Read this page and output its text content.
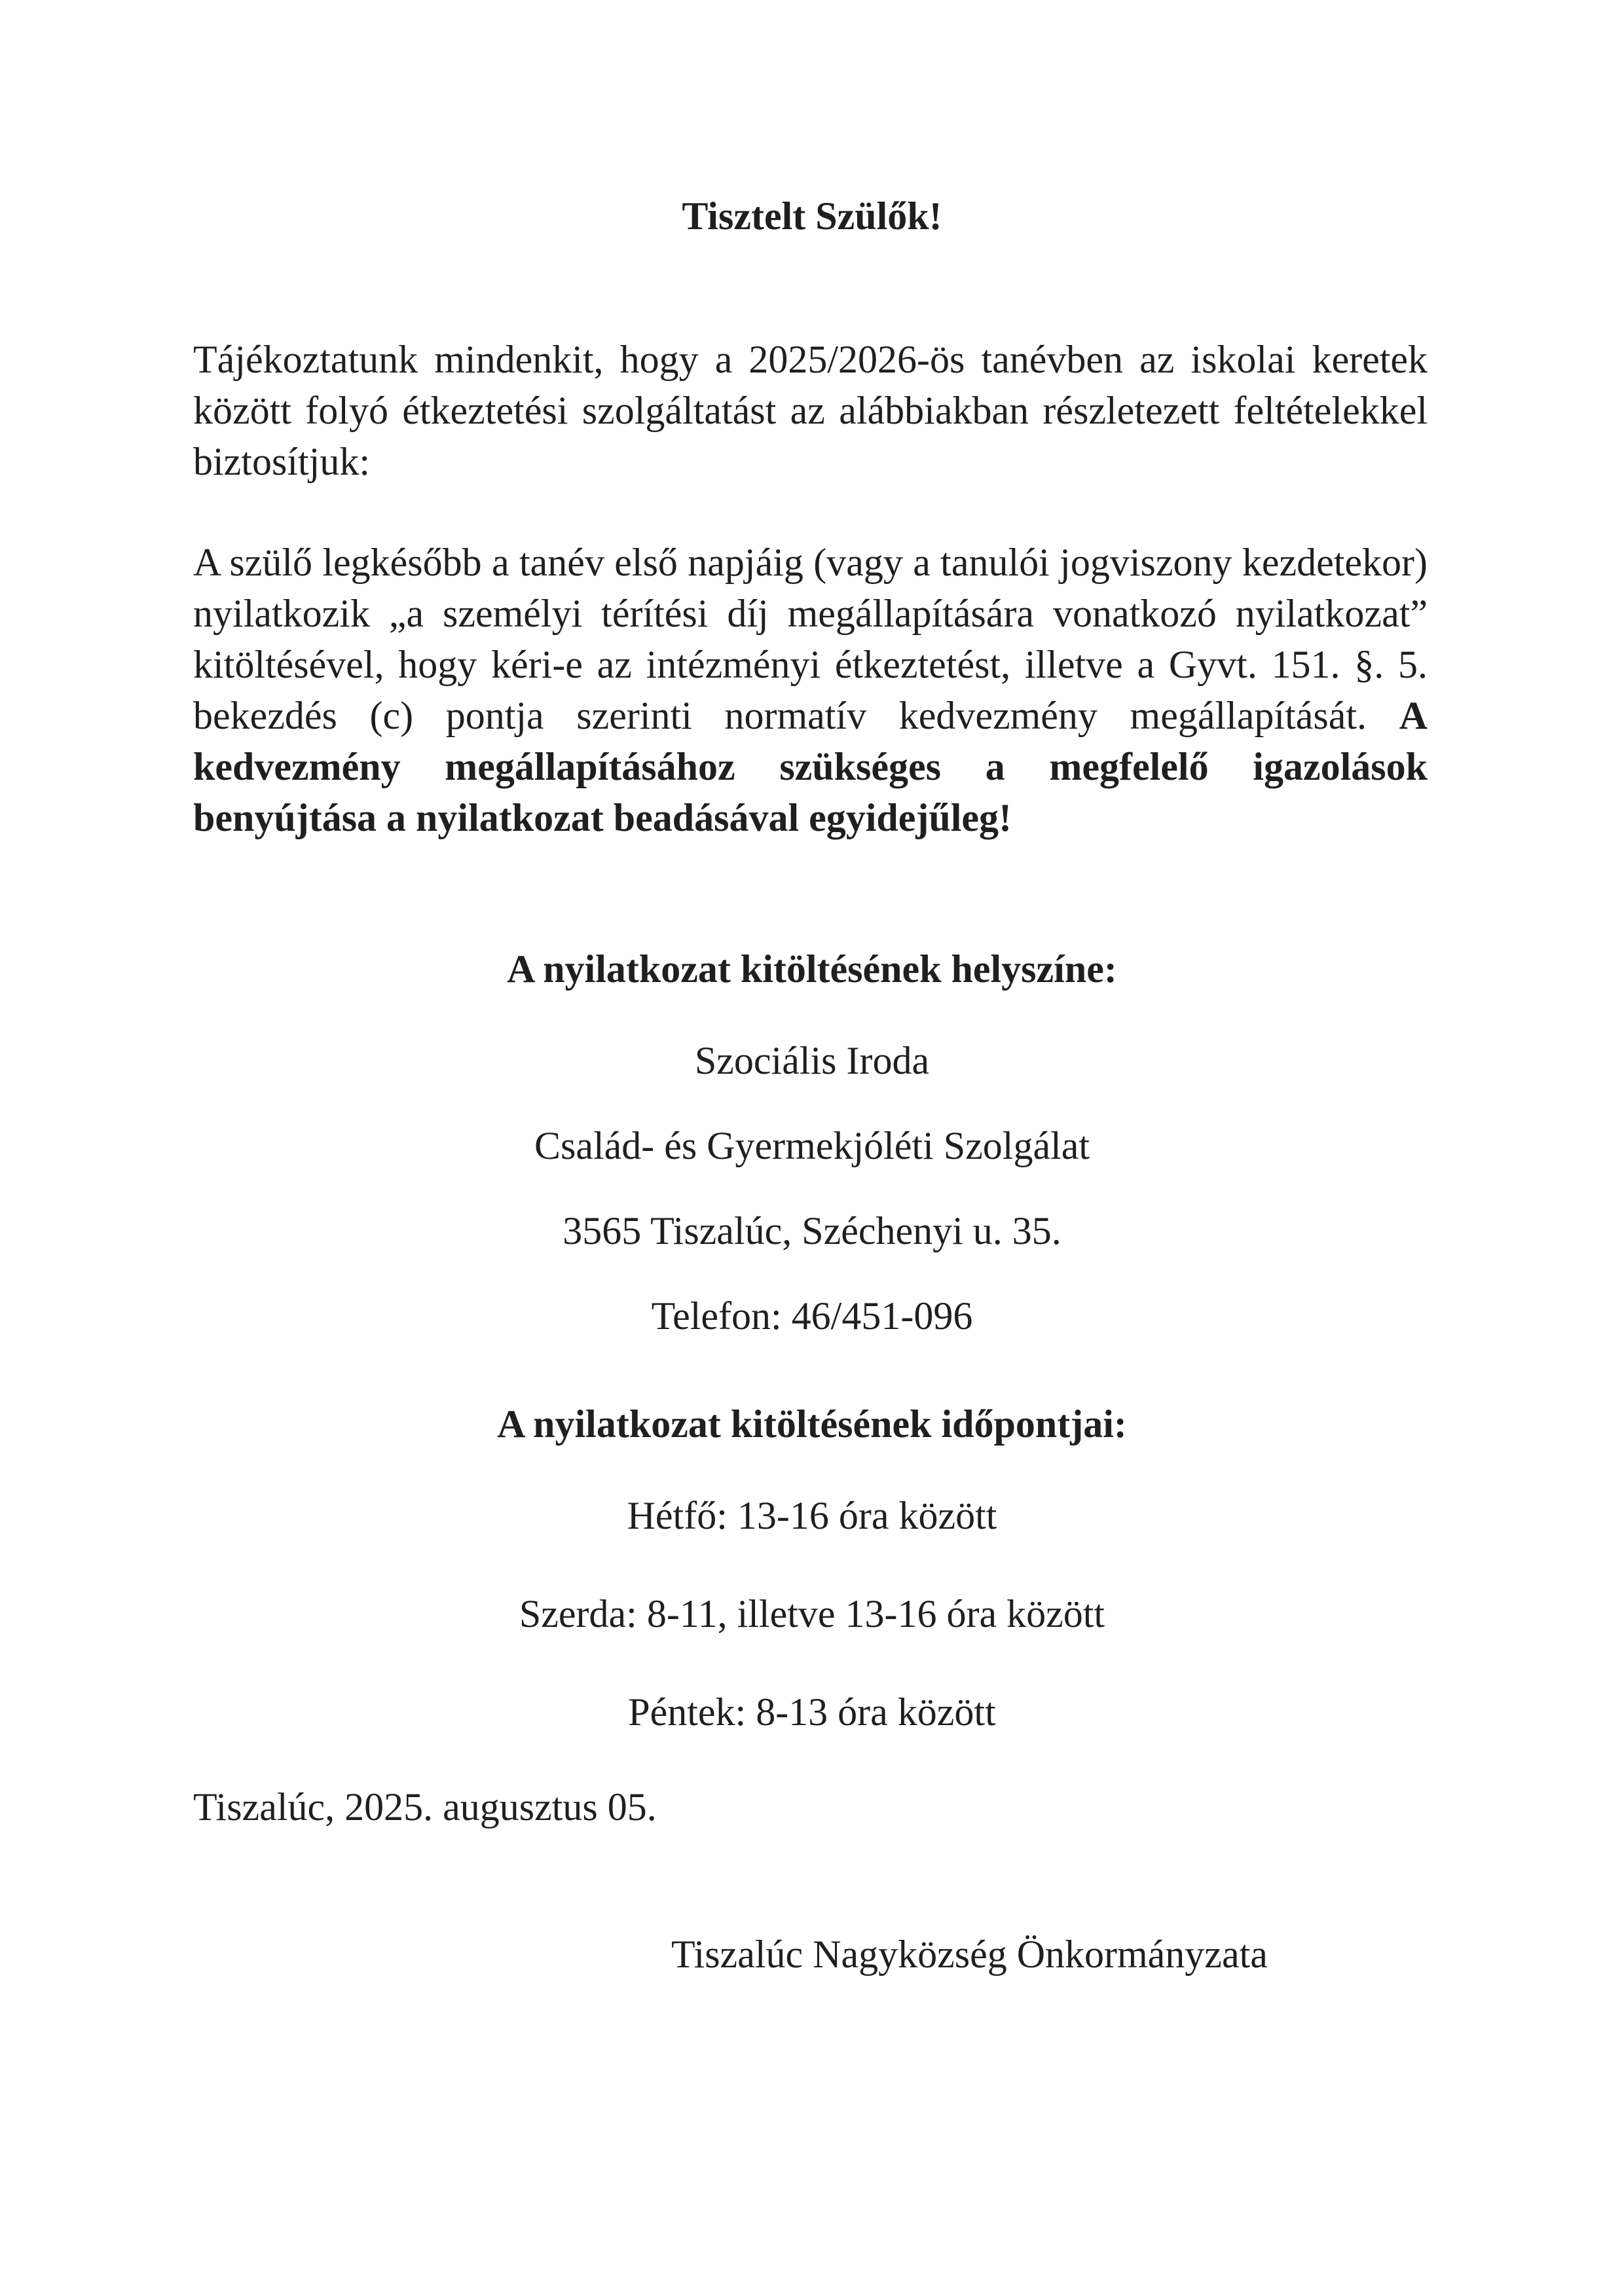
Tisztelt Szülők!

Tájékoztatunk mindenkit, hogy a 2025/2026-ös tanévben az iskolai keretek között folyó étkeztetési szolgáltatást az alábbiakban részletezett feltételekkel biztosítjuk:

A szülő legkésőbb a tanév első napjáig (vagy a tanulói jogviszony kezdetekor) nyilatkozik „a személyi térítési díj megállapítására vonatkozó nyilatkozat” kitöltésével, hogy kéri-e az intézményi étkeztetést, illetve a Gyvt. 151. §. 5. bekezdés (c) pontja szerinti normatív kedvezmény megállapítását. A kedvezmény megállapításához szükséges a megfelelő igazolások benyújtása a nyilatkozat beadásával egyidejűleg!

A nyilatkozat kitöltésének helyszíne:
Szociális Iroda
Család- és Gyermekjóléti Szolgálat
3565 Tiszalúc, Széchenyi u. 35.
Telefon: 46/451-096
A nyilatkozat kitöltésének időpontjai:
Hétfő: 13-16 óra között
Szerda: 8-11, illetve 13-16 óra között
Péntek: 8-13 óra között
Tiszalúc, 2025. augusztus 05.
Tiszalúc Nagyközség Önkormányzata
